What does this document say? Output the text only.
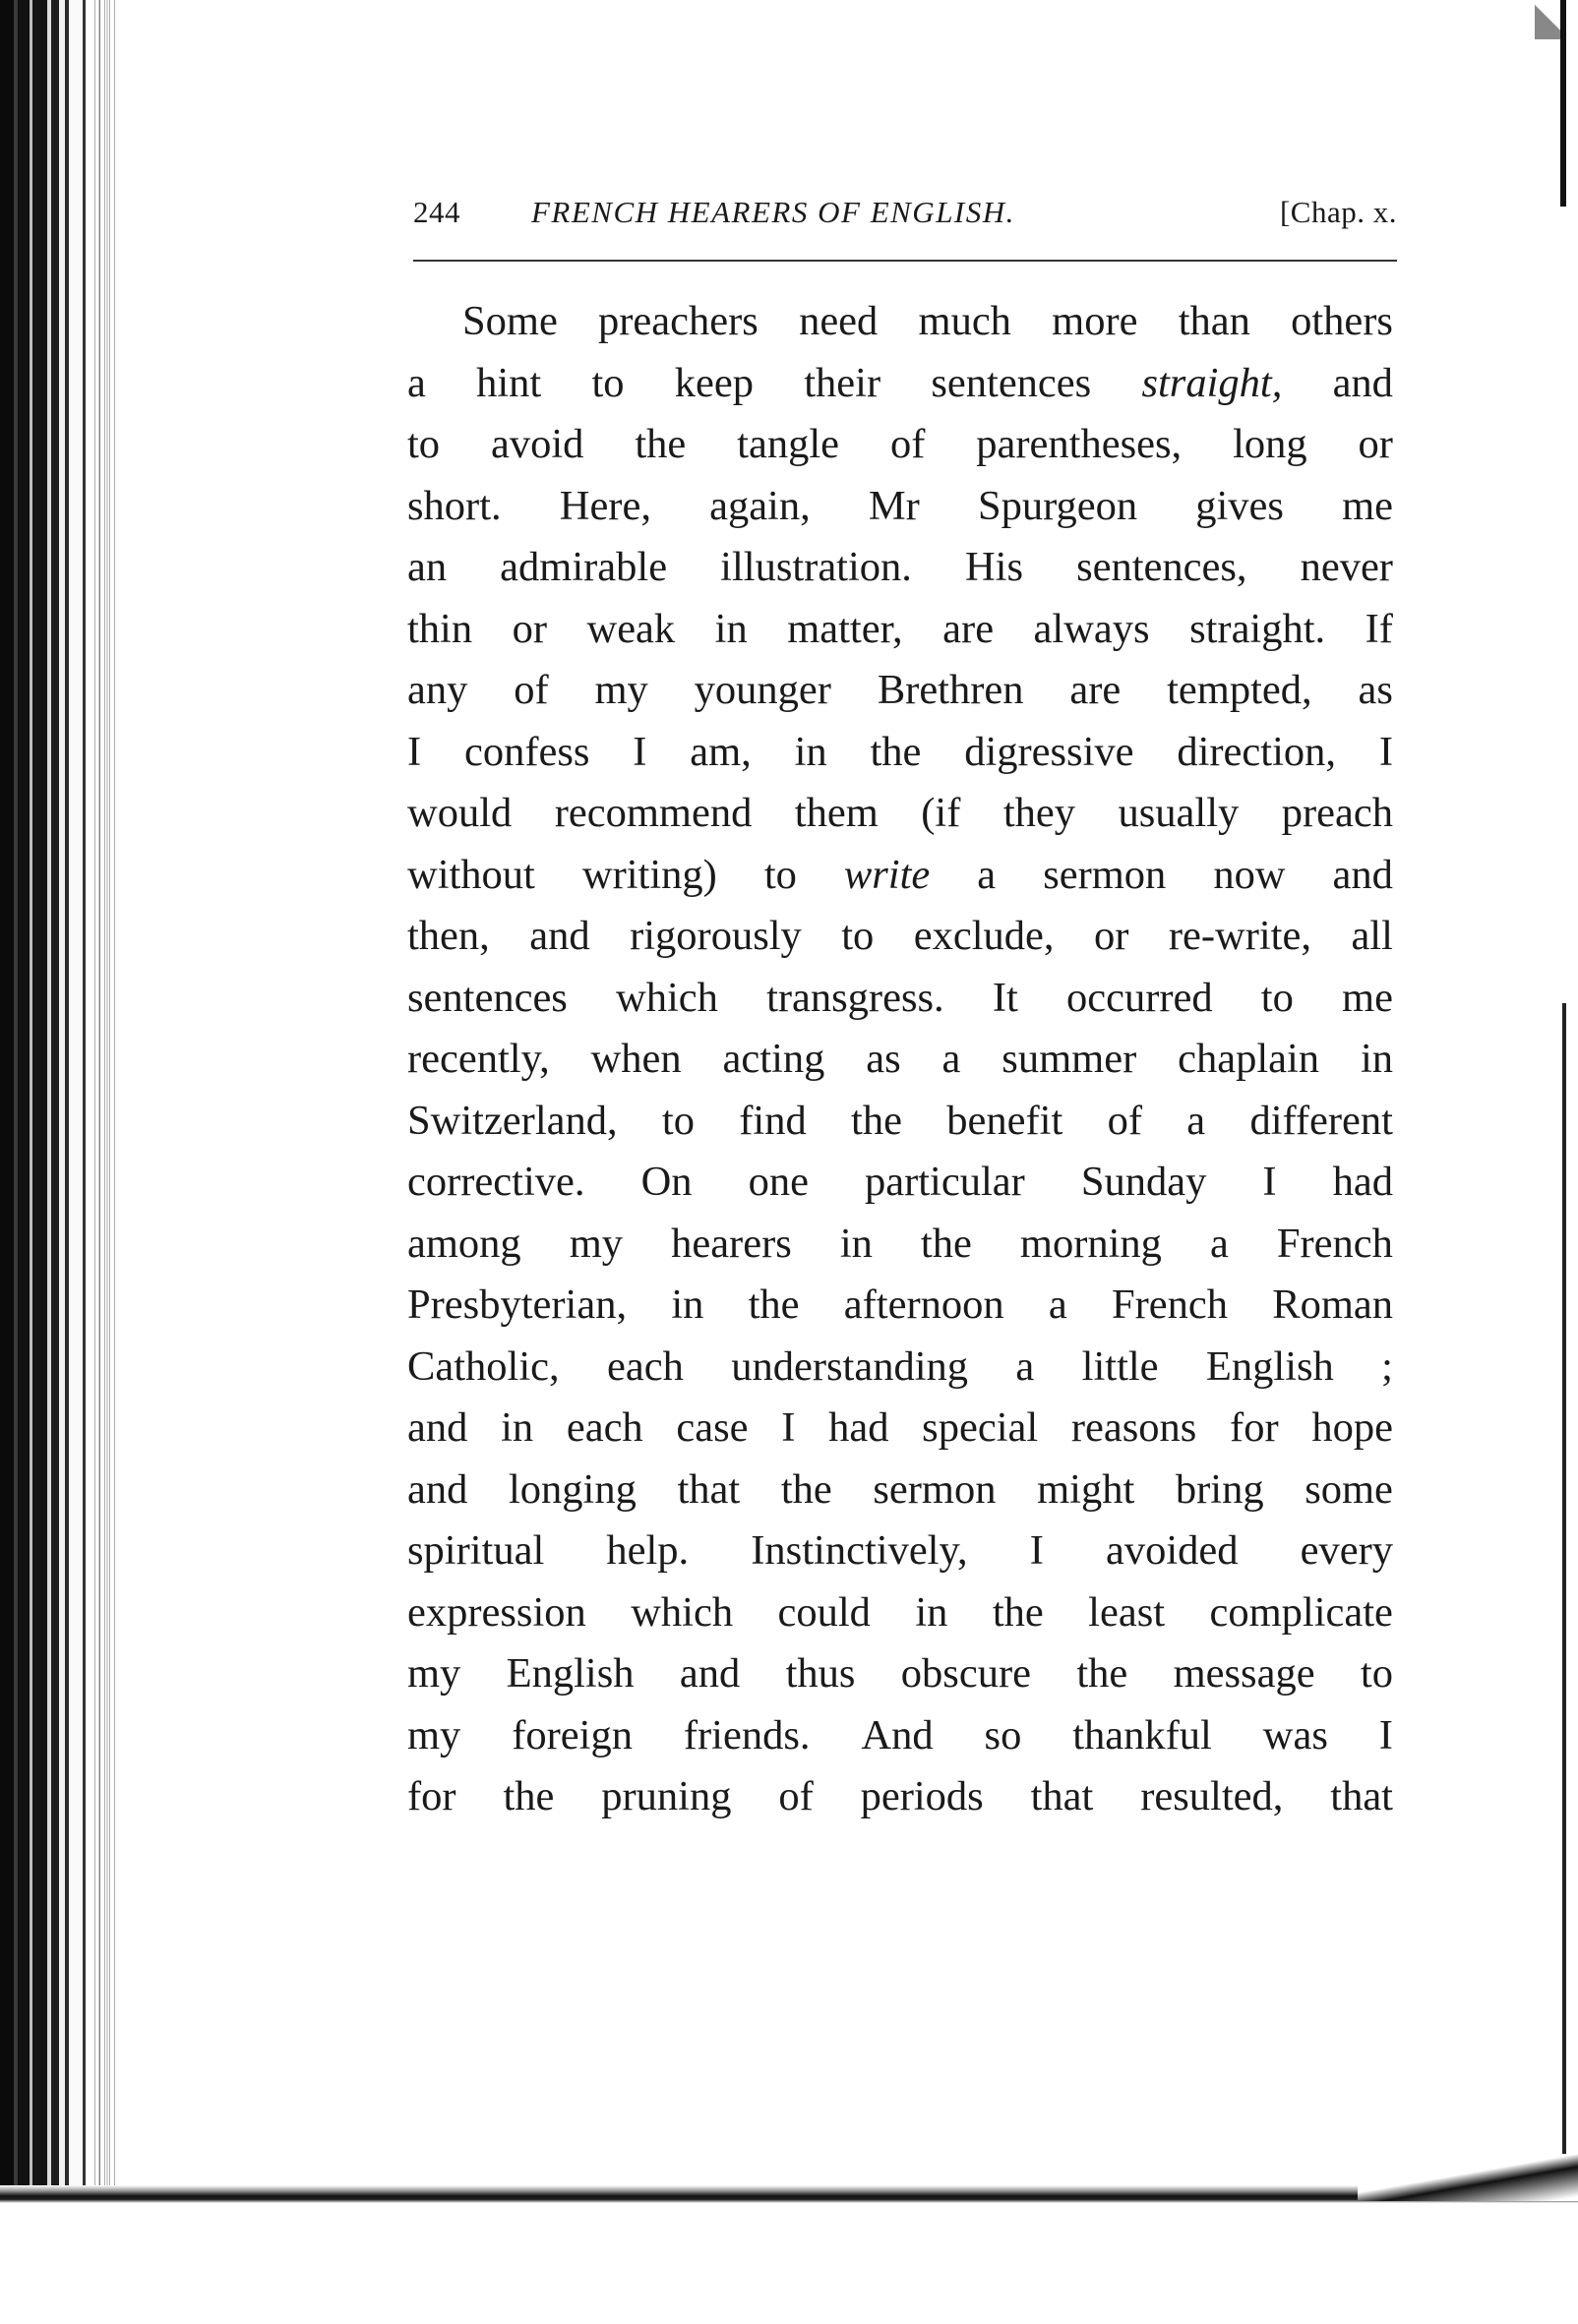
244 FRENCH HEARERS OF ENGLISH.	[Chap. x.
Some preachers need much more than others
a hint to keep their sentences straight, and
to avoid the tangle of parentheses, long or
short. Here, again, Mr Spurgeon gives me
an admirable illustration. His sentences, never
thin or weak in matter, are always straight. If
any of my younger Brethren are tempted, as
I confess I am, in the digressive direction, I
would recommend them (if they usually preach
without writing) to write a sermon now and
then, and rigorously to exclude, or re-write, all
sentences which transgress. It occurred to me
recently, when acting as a summer chaplain in
Switzerland, to find the benefit of a different
corrective. On one particular Sunday I had
among my hearers in the morning a French
Presbyterian, in the afternoon a French Roman
Catholic, each understanding a little English ;
and in each case I had special reasons for hope
and longing that the sermon might bring some
spiritual help. Instinctively, I avoided every
expression which could in the least complicate
my English and thus obscure the message to
my foreign friends. And so thankful was I
for the pruning of periods that resulted, that
